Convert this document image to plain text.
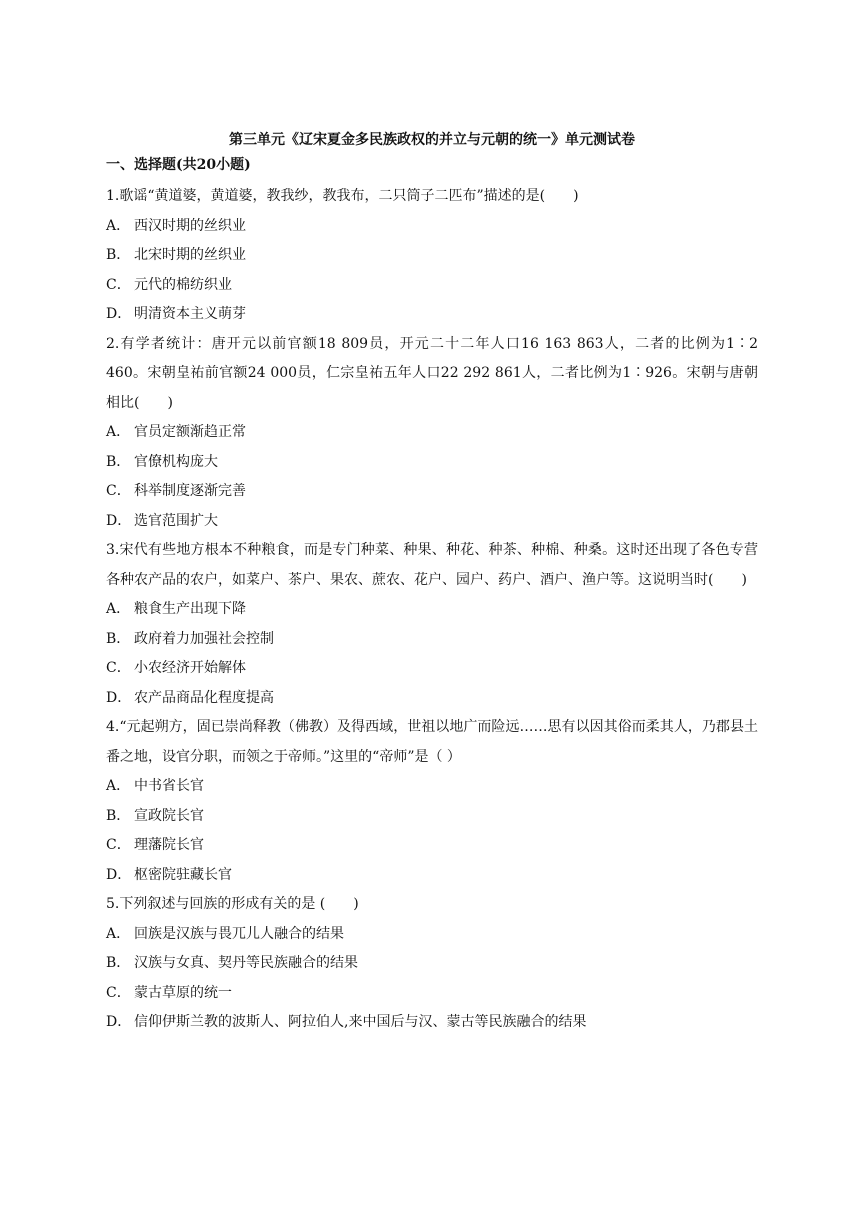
第三单元《辽宋夏金多民族政权的并立与元朝的统一》单元测试卷
一、选择题(共20小题)

1.歌谣“黄道婆，黄道婆，教我纱，教我布，二只筒子二匹布”描述的是(　　)

A． 西汉时期的丝织业
B． 北宋时期的丝织业
C． 元代的棉纺织业
D． 明清资本主义萌芽

2.有学者统计：唐开元以前官额18 809员，开元二十二年人口16 163 863人，二者的比例为1∶2 460。宋朝皇祐前官额24 000员，仁宗皇祐五年人口22 292 861人，二者比例为1∶926。宋朝与唐朝相比(　　)

A． 官员定额渐趋正常
B． 官僚机构庞大
C． 科举制度逐渐完善
D． 选官范围扩大

3.宋代有些地方根本不种粮食，而是专门种菜、种果、种花、种茶、种棉、种桑。这时还出现了各色专营各种农产品的农户，如菜户、茶户、果农、蔗农、花户、园户、药户、酒户、渔户等。这说明当时(　　)

A． 粮食生产出现下降
B． 政府着力加强社会控制
C． 小农经济开始解体
D． 农产品商品化程度提高

4.“元起朔方，固已崇尚释教（佛教）及得西域，世祖以地广而险远……思有以因其俗而柔其人，乃郡县土番之地，设官分职，而领之于帝师。”这里的“帝师”是（ ）

A． 中书省长官
B． 宣政院长官
C． 理藩院长官
D． 枢密院驻藏长官

5.下列叙述与回族的形成有关的是 (　　)

A． 回族是汉族与畏兀儿人融合的结果
B． 汉族与女真、契丹等民族融合的结果
C． 蒙古草原的统一
D． 信仰伊斯兰教的波斯人、阿拉伯人,来中国后与汉、蒙古等民族融合的结果
